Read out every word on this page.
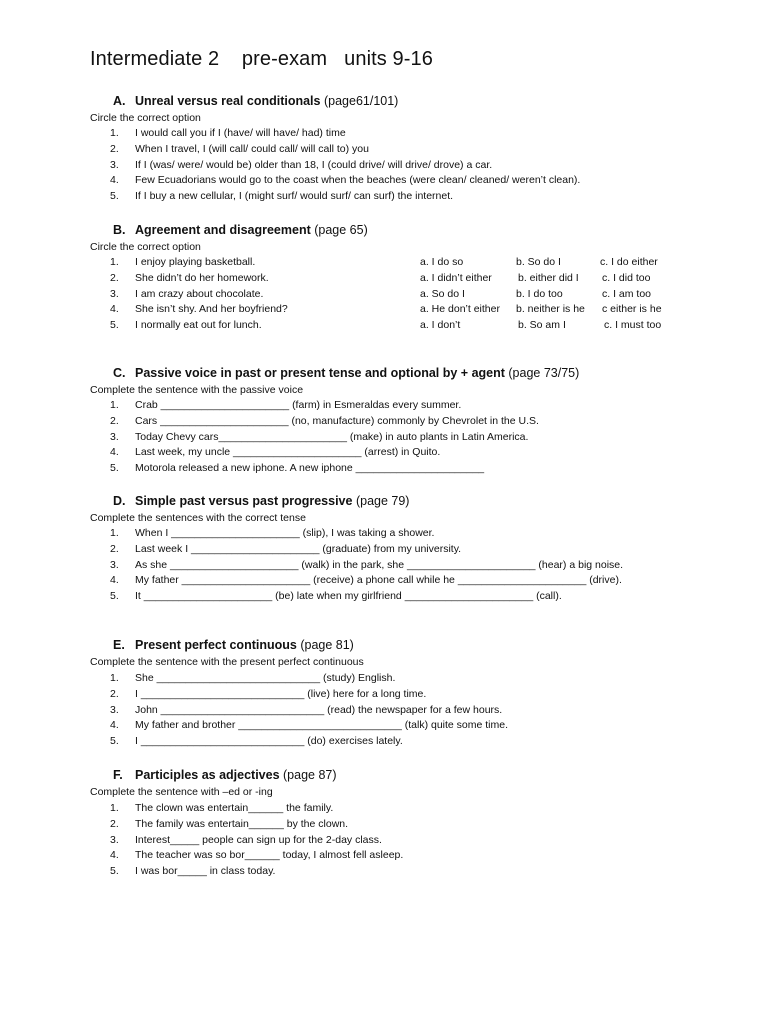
Intermediate 2    pre-exam   units 9-16
A. Unreal versus real conditionals (page61/101)
Circle the correct option
1. I would call you if I (have/ will have/ had) time
2. When I travel, I (will call/ could call/ will call to) you
3. If I (was/ were/ would be) older than 18, I (could drive/ will drive/ drove) a car.
4. Few Ecuadorians would go to the coast when the beaches (were clean/ cleaned/ weren’t clean).
5. If I buy a new cellular, I (might surf/ would surf/ can surf) the internet.
B. Agreement and disagreement (page 65)
Circle the correct option
1. I enjoy playing basketball.	a. I do so	b. So do I	c. I do either
2. She didn’t do her homework.	a. I didn’t either b. either did I c. I did too
3. I am crazy about chocolate.	a. So do I	b. I do too	c. I am too
4. She isn’t shy. And her boyfriend?	a. He don’t either b. neither is he c either is he
5. I normally eat out for lunch.	a. I don’t	b. So am I	c. I must too
C. Passive voice in past or present tense and optional by + agent (page 73/75)
Complete the sentence with the passive voice
1. Crab ______________________ (farm) in Esmeraldas every summer.
2. Cars ______________________ (no, manufacture) commonly by Chevrolet in the U.S.
3. Today Chevy cars______________________ (make) in auto plants in Latin America.
4. Last week, my uncle ______________________ (arrest) in Quito.
5. Motorola released a new iphone. A new iphone ______________________
D. Simple past versus past progressive (page 79)
Complete the sentences with the correct tense
1. When I ______________________ (slip), I was taking a shower.
2. Last week I ______________________ (graduate) from my university.
3. As she ______________________ (walk) in the park, she ______________________ (hear) a big noise.
4. My father ______________________ (receive) a phone call while he ______________________ (drive).
5. It ______________________ (be) late when my girlfriend ______________________ (call).
E. Present perfect continuous (page 81)
Complete the sentence with the present perfect continuous
1. She ____________________________ (study) English.
2. I ____________________________ (live) here for a long time.
3. John ____________________________ (read) the newspaper for a few hours.
4. My father and brother ____________________________ (talk) quite some time.
5. I ____________________________ (do) exercises lately.
F. Participles as adjectives (page 87)
Complete the sentence with –ed or -ing
1. The clown was entertain______ the family.
2. The family was entertain______ by the clown.
3. Interest_____ people can sign up for the 2-day class.
4. The teacher was so bor______ today, I almost fell asleep.
5. I was bor_____ in class today.
